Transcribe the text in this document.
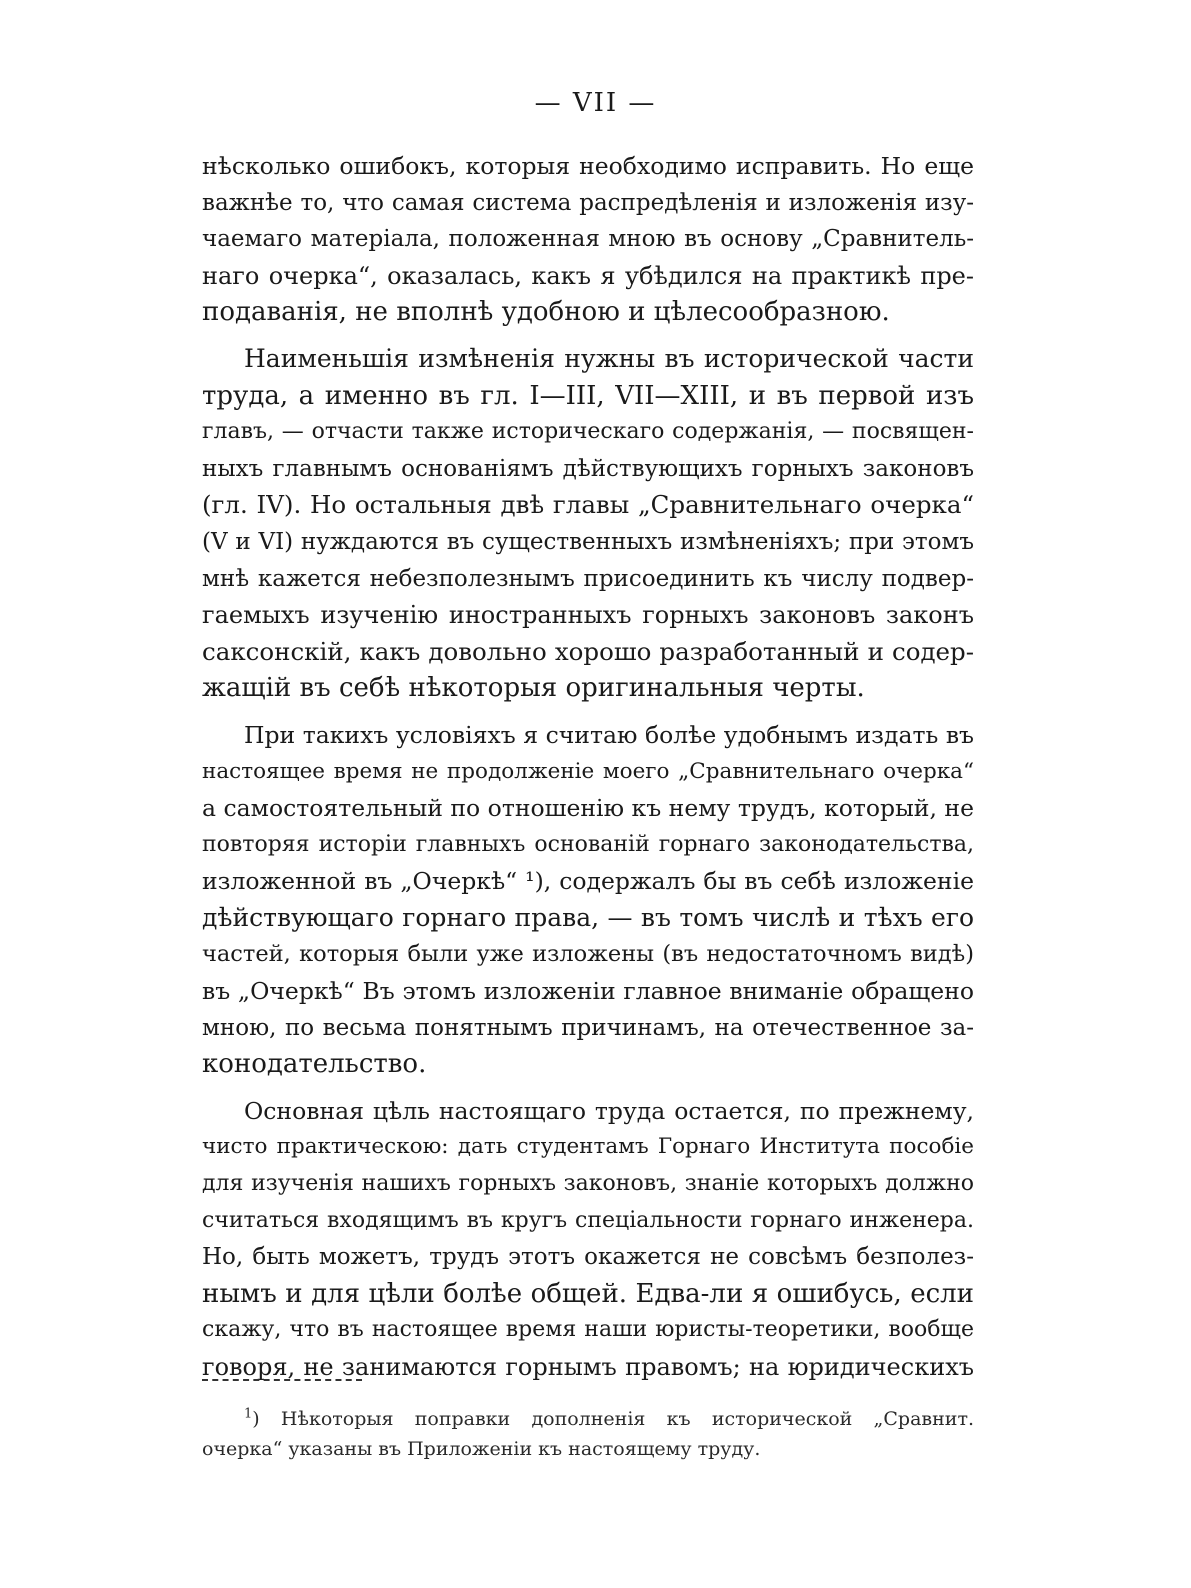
— VII —
нѣсколько ошибокъ, которыя необходимо исправить. Но еще
важнѣе то, что самая система распредѣленія и изложенія изу-
чаемаго матеріала, положенная мною въ основу „Сравнитель-
наго очерка“, оказалась, какъ я убѣдился на практикѣ пре-
подаванія, не вполнѣ удобною и цѣлесообразною.
Наименьшія измѣненія нужны въ исторической части
труда, а именно въ гл. I—III, VII—XIII, и въ первой изъ
главъ, — отчасти также историческаго содержанія, — посвящен-
ныхъ главнымъ основаніямъ дѣйствующихъ горныхъ законовъ
(гл. IV). Но остальныя двѣ главы „Сравнительнаго очерка“
(V и VI) нуждаются въ существенныхъ измѣненіяхъ; при этомъ
мнѣ кажется небезполезнымъ присоединить къ числу подвер-
гаемыхъ изученію иностранныхъ горныхъ законовъ законъ
саксонскій, какъ довольно хорошо разработанный и содер-
жащій въ себѣ нѣкоторыя оригинальныя черты.
При такихъ условіяхъ я считаю болѣе удобнымъ издать въ
настоящее время не продолженіе моего „Сравнительнаго очерка“
а самостоятельный по отношенію къ нему трудъ, который, не
повторяя исторіи главныхъ основаній горнаго законодательства,
изложенной въ „Очеркѣ“ ¹), содержалъ бы въ себѣ изложеніе
дѣйствующаго горнаго права, — въ томъ числѣ и тѣхъ его
частей, которыя были уже изложены (въ недостаточномъ видѣ)
въ „Очеркѣ“ Въ этомъ изложеніи главное вниманіе обращено
мною, по весьма понятнымъ причинамъ, на отечественное за-
конодательство.
Основная цѣль настоящаго труда остается, по прежнему,
чисто практическою: дать студентамъ Горнаго Института пособіе
для изученія нашихъ горныхъ законовъ, знаніе которыхъ должно
считаться входящимъ въ кругъ спеціальности горнаго инженера.
Но, быть можетъ, трудъ этотъ окажется не совсѣмъ безполез-
нымъ и для цѣли болѣе общей. Едва-ли я ошибусь, если
скажу, что въ настоящее время наши юристы-теоретики, вообще
говоря, не занимаются горнымъ правомъ; на юридическихъ
$^1$) Нѣкоторыя поправки дополненія къ исторической „Сравнит.
очерка“ указаны въ Приложеніи къ настоящему труду.
